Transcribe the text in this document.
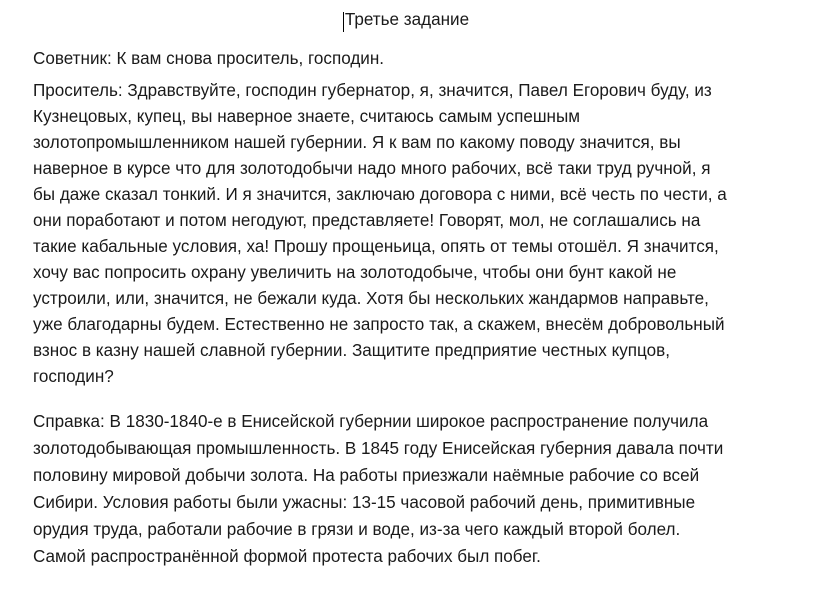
Третье задание
Советник: К вам снова проситель, господин.
Проситель: Здравствуйте, господин губернатор, я, значится, Павел Егорович буду, из
Кузнецовых, купец, вы наверное знаете, считаюсь самым успешным
золотопромышленником нашей губернии. Я к вам по какому поводу значится, вы
наверное в курсе что для золотодобычи надо много рабочих, всё таки труд ручной, я
бы даже сказал тонкий. И я значится, заключаю договора с ними, всё честь по чести, а
они поработают и потом негодуют, представляете! Говорят, мол, не соглашались на
такие кабальные условия, ха! Прошу прощеньица, опять от темы отошёл. Я значится,
хочу вас попросить охрану увеличить на золотодобыче, чтобы они бунт какой не
устроили, или, значится, не бежали куда. Хотя бы нескольких жандармов направьте,
уже благодарны будем. Естественно не запросто так, а скажем, внесём добровольный
взнос в казну нашей славной губернии. Защитите предприятие честных купцов,
господин?
Справка: В 1830-1840-е в Енисейской губернии широкое распространение получила
золотодобывающая промышленность. В 1845 году Енисейская губерния давала почти
половину мировой добычи золота. На работы приезжали наёмные рабочие со всей
Сибири. Условия работы были ужасны: 13-15 часовой рабочий день, примитивные
орудия труда, работали рабочие в грязи и воде, из-за чего каждый второй болел.
Самой распространённой формой протеста рабочих был побег.
